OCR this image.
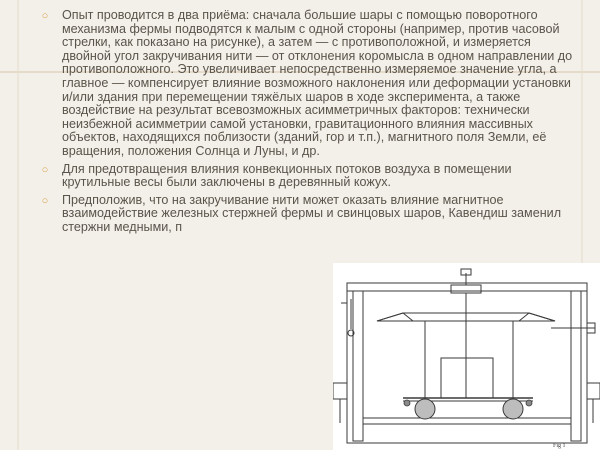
○ Опыт проводится в два приёма: сначала большие шары с помощью поворотного механизма фермы подводятся к малым с одной стороны (например, против часовой стрелки, как показано на рисунке), а затем — с противоположной, и измеряется двойной угол закручивания нити — от отклонения коромысла в одном направлении до противоположного. Это увеличивает непосредственно измеряемое значение угла, а главное — компенсирует влияние возможного наклонения или деформации установки и/или здания при перемещении тяжёлых шаров в ходе эксперимента, а также воздействие на результат всевозможных асимметричных факторов: технически неизбежной асимметрии самой установки, гравитационного влияния массивных объектов, находящихся поблизости (зданий, гор и т.п.), магнитного поля Земли, её вращения, положения Солнца и Луны, и др.
○ Для предотвращения влияния конвекционных потоков воздуха в помещении крутильные весы были заключены в деревянный кожух.
○ Предположив, что на закручивание нити может оказать влияние магнитное взаимодействие железных стержней фермы и свинцовых шаров, Кавендиш заменил стержни медными, п
Fig 1
